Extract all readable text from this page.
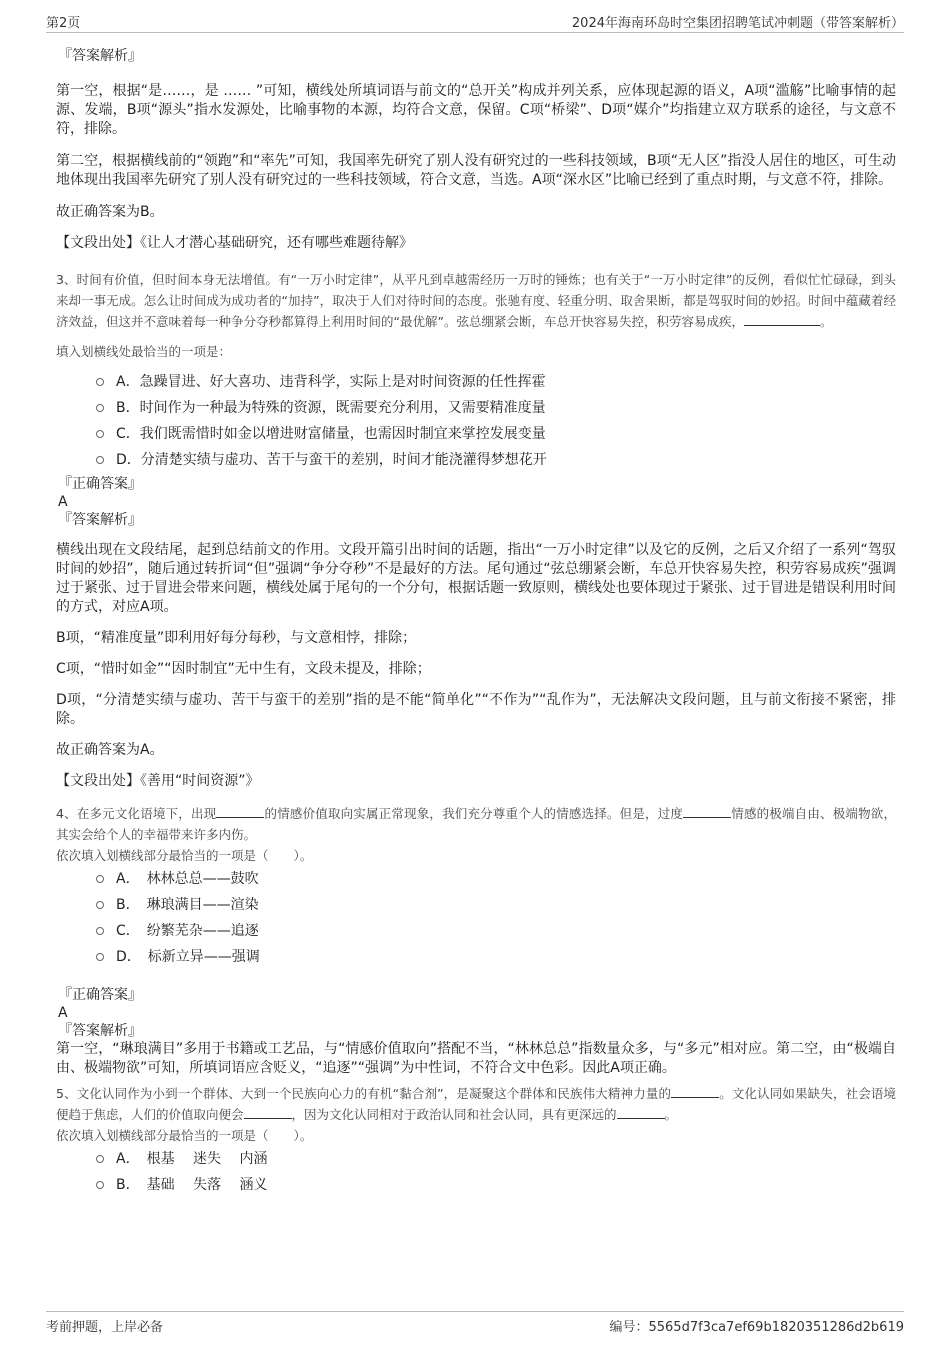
第2页	2024年海南环岛时空集团招聘笔试冲刺题（带答案解析）
『答案解析』

第一空，根据“是……，是 …… ”可知，横线处所填词语与前文的“总开关”构成并列关系，应体现起源的语义，A项“滥觞”比喻事情的起源、发端，B项“源头”指水发源处，比喻事物的本源，均符合文意，保留。C项“桥梁”、D项“媒介”均指建立双方联系的途径，与文意不符，排除。

第二空，根据横线前的“领跑”和“率先”可知，我国率先研究了别人没有研究过的一些科技领域，B项“无人区”指没人居住的地区，可生动地体现出我国率先研究了别人没有研究过的一些科技领域，符合文意，当选。A项“深水区”比喻已经到了重点时期，与文意不符，排除。

故正确答案为B。

【文段出处】《让人才潜心基础研究，还有哪些难题待解》

3、时间有价值，但时间本身无法增值。有“一万小时定律”，从平凡到卓越需经历一万时的锤炼；也有关于“一万小时定律”的反例，看似忙忙碌碌，到头来却一事无成。怎么让时间成为成功者的“加持”，取决于人们对待时间的态度。张驰有度、轻重分明、取舍果断，都是驾驭时间的妙招。时间中蕴藏着经济效益，但这并不意味着每一种争分夺秒都算得上利用时间的“最优解”。弦总绷紧会断，车总开快容易失控，积劳容易成疾，	。

填入划横线处最恰当的一项是：

A．急躁冒进、好大喜功、违背科学，实际上是对时间资源的任性挥霍
B．时间作为一种最为特殊的资源，既需要充分利用，又需要精准度量
C．我们既需惜时如金以增进财富储量，也需因时制宜来掌控发展变量
D．分清楚实绩与虚功、苦干与蛮干的差别，时间才能浇灌得梦想花开
『正确答案』
A
『答案解析』

横线出现在文段结尾，起到总结前文的作用。文段开篇引出时间的话题，指出“一万小时定律”以及它的反例，之后又介绍了一系列“驾驭时间的妙招”，随后通过转折词“但”强调“争分夺秒”不是最好的方法。尾句通过“弦总绷紧会断，车总开快容易失控，积劳容易成疾”强调过于紧张、过于冒进会带来问题，横线处属于尾句的一个分句，根据话题一致原则，横线处也要体现过于紧张、过于冒进是错误利用时间的方式，对应A项。

B项，“精准度量”即利用好每分每秒，与文意相悖，排除；

C项，“惜时如金”“因时制宜”无中生有，文段未提及，排除；

D项，“分清楚实绩与虚功、苦干与蛮干的差别”指的是不能“简单化”“不作为”“乱作为”，无法解决文段问题，且与前文衔接不紧密，排除。

故正确答案为A。

【文段出处】《善用“时间资源”》

4、在多元文化语境下，出现	的情感价值取向实属正常现象，我们充分尊重个人的情感选择。但是，过度	情感的极端自由、极端物欲，其实会给个人的幸福带来许多内伤。

依次填入划横线部分最恰当的一项是（　　）。

A．　林林总总——鼓吹
B．　琳琅满目——渲染
C．　纷繁芜杂——追逐
D．　标新立异——强调
『正确答案』
A
『答案解析』

第一空，“琳琅满目”多用于书籍或工艺品，与“情感价值取向”搭配不当，“林林总总”指数量众多，与“多元”相对应。第二空，由“极端自由、极端物欲”可知，所填词语应含贬义，“追逐”“强调”为中性词，不符合文中色彩。因此A项正确。

5、文化认同作为小到一个群体、大到一个民族向心力的有机“黏合剂”，是凝聚这个群体和民族伟大精神力量的	。文化认同如果缺失，社会语境便趋于焦虑，人们的价值取向便会	，因为文化认同相对于政治认同和社会认同，具有更深远的	。

依次填入划横线部分最恰当的一项是（　　）。

A．　根基　 迷失　 内涵
B．　基础　 失落　 涵义
考前押题，上岸必备	编号：5565d7f3ca7ef69b1820351286d2b619
